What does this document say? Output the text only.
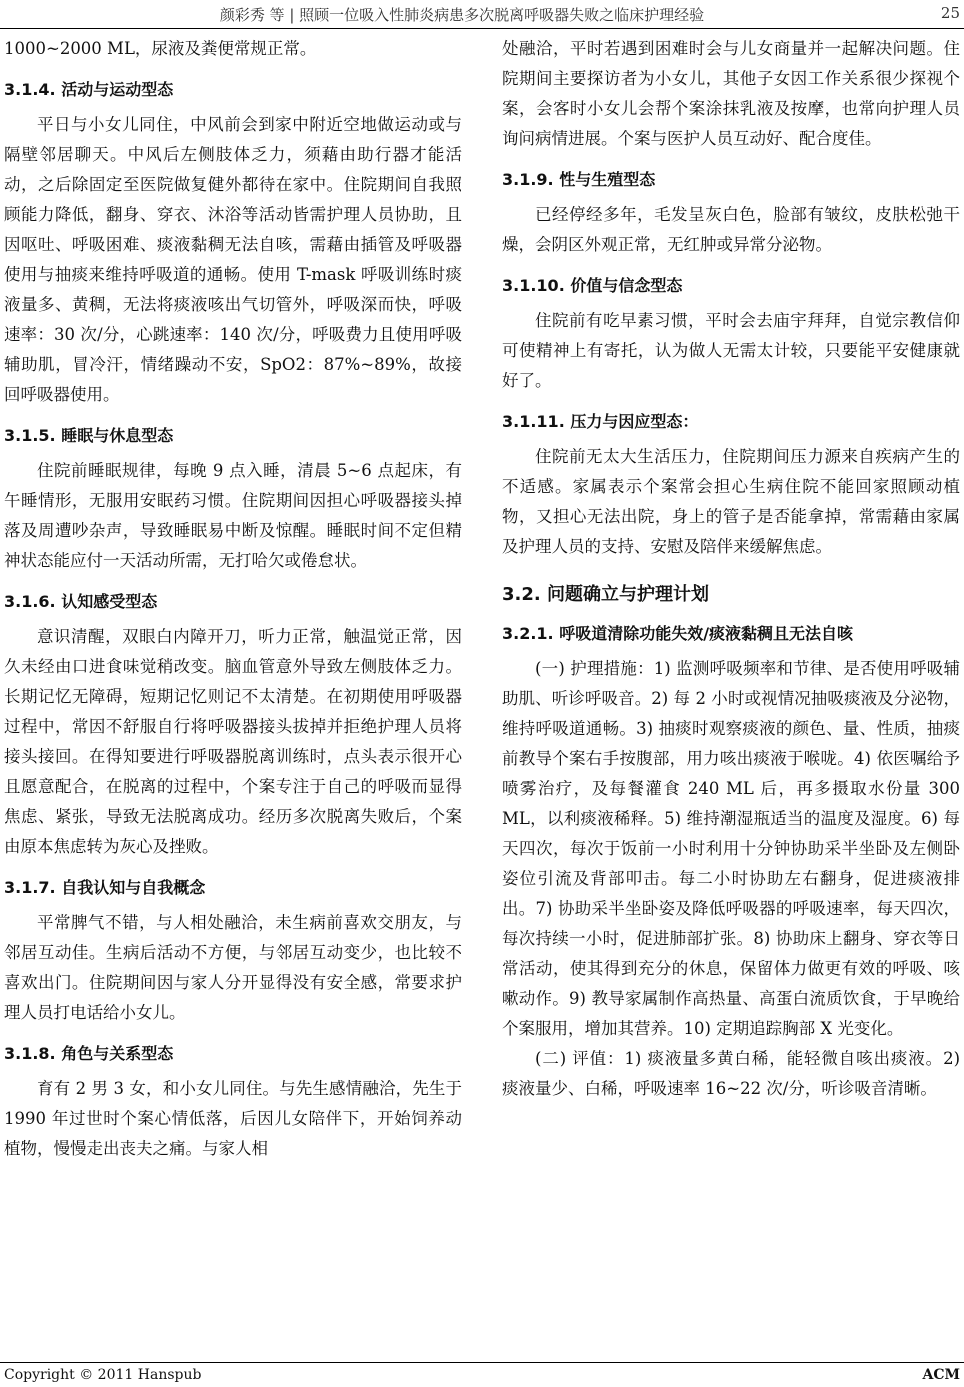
颜彩秀 等 | 照顾一位吸入性肺炎病患多次脱离呼吸器失败之临床护理经验	25

1000~2000 ML，尿液及粪便常规正常。

3.1.4. 活动与运动型态

平日与小女儿同住，中风前会到家中附近空地做运动或与隔壁邻居聊天。中风后左侧肢体乏力，须藉由助行器才能活动，之后除固定至医院做复健外都待在家中。住院期间自我照顾能力降低，翻身、穿衣、沐浴等活动皆需护理人员协助，且因呕吐、呼吸困难、痰液黏稠无法自咳，需藉由插管及呼吸器使用与抽痰来维持呼吸道的通畅。使用 T-mask 呼吸训练时痰液量多、黄稠，无法将痰液咳出气切管外，呼吸深而快，呼吸速率：30 次/分，心跳速率：140 次/分，呼吸费力且使用呼吸辅助肌，冒冷汗，情绪躁动不安，SpO2：87%~89%，故接回呼吸器使用。

3.1.5. 睡眠与休息型态

住院前睡眠规律，每晚 9 点入睡，清晨 5~6 点起床，有午睡情形，无服用安眠药习惯。住院期间因担心呼吸器接头掉落及周遭吵杂声，导致睡眠易中断及惊醒。睡眠时间不定但精神状态能应付一天活动所需，无打哈欠或倦怠状。

3.1.6. 认知感受型态

意识清醒，双眼白内障开刀，听力正常，触温觉正常，因久未经由口进食味觉稍改变。脑血管意外导致左侧肢体乏力。长期记忆无障碍，短期记忆则记不太清楚。在初期使用呼吸器过程中，常因不舒服自行将呼吸器接头拔掉并拒绝护理人员将接头接回。在得知要进行呼吸器脱离训练时，点头表示很开心且愿意配合，在脱离的过程中，个案专注于自己的呼吸而显得焦虑、紧张，导致无法脱离成功。经历多次脱离失败后，个案由原本焦虑转为灰心及挫败。

3.1.7. 自我认知与自我概念

平常脾气不错，与人相处融洽，未生病前喜欢交朋友，与邻居互动佳。生病后活动不方便，与邻居互动变少，也比较不喜欢出门。住院期间因与家人分开显得没有安全感，常要求护理人员打电话给小女儿。

3.1.8. 角色与关系型态

育有 2 男 3 女，和小女儿同住。与先生感情融洽，先生于 1990 年过世时个案心情低落，后因儿女陪伴下，开始饲养动植物，慢慢走出丧夫之痛。与家人相

处融洽，平时若遇到困难时会与儿女商量并一起解决问题。住院期间主要探访者为小女儿，其他子女因工作关系很少探视个案，会客时小女儿会帮个案涂抹乳液及按摩，也常向护理人员询问病情进展。个案与医护人员互动好、配合度佳。

3.1.9. 性与生殖型态

已经停经多年，毛发呈灰白色，脸部有皱纹，皮肤松弛干燥，会阴区外观正常，无红肿或异常分泌物。

3.1.10. 价值与信念型态

住院前有吃早素习惯，平时会去庙宇拜拜，自觉宗教信仰可使精神上有寄托，认为做人无需太计较，只要能平安健康就好了。

3.1.11. 压力与因应型态：

住院前无太大生活压力，住院期间压力源来自疾病产生的不适感。家属表示个案常会担心生病住院不能回家照顾动植物，又担心无法出院，身上的管子是否能拿掉，常需藉由家属及护理人员的支持、安慰及陪伴来缓解焦虑。

3.2. 问题确立与护理计划
3.2.1. 呼吸道清除功能失效/痰液黏稠且无法自咳

(一) 护理措施：1) 监测呼吸频率和节律、是否使用呼吸辅助肌、听诊呼吸音。2) 每 2 小时或视情况抽吸痰液及分泌物，维持呼吸道通畅。3) 抽痰时观察痰液的颜色、量、性质，抽痰前教导个案右手按腹部，用力咳出痰液于喉咙。4) 依医嘱给予喷雾治疗，及每餐灌食 240 ML 后，再多摄取水份量 300 ML，以利痰液稀释。5) 维持潮湿瓶适当的温度及湿度。6) 每天四次，每次于饭前一小时利用十分钟协助采半坐卧及左侧卧姿位引流及背部叩击。每二小时协助左右翻身，促进痰液排出。7) 协助采半坐卧姿及降低呼吸器的呼吸速率，每天四次，每次持续一小时，促进肺部扩张。8) 协助床上翻身、穿衣等日常活动，使其得到充分的休息，保留体力做更有效的呼吸、咳嗽动作。9) 教导家属制作高热量、高蛋白流质饮食，于早晚给个案服用，增加其营养。10) 定期追踪胸部 X 光变化。

(二) 评值：1) 痰液量多黄白稀，能轻微自咳出痰液。2) 痰液量少、白稀，呼吸速率 16~22 次/分，听诊吸音清晰。

Copyright © 2011 Hanspub	ACM
